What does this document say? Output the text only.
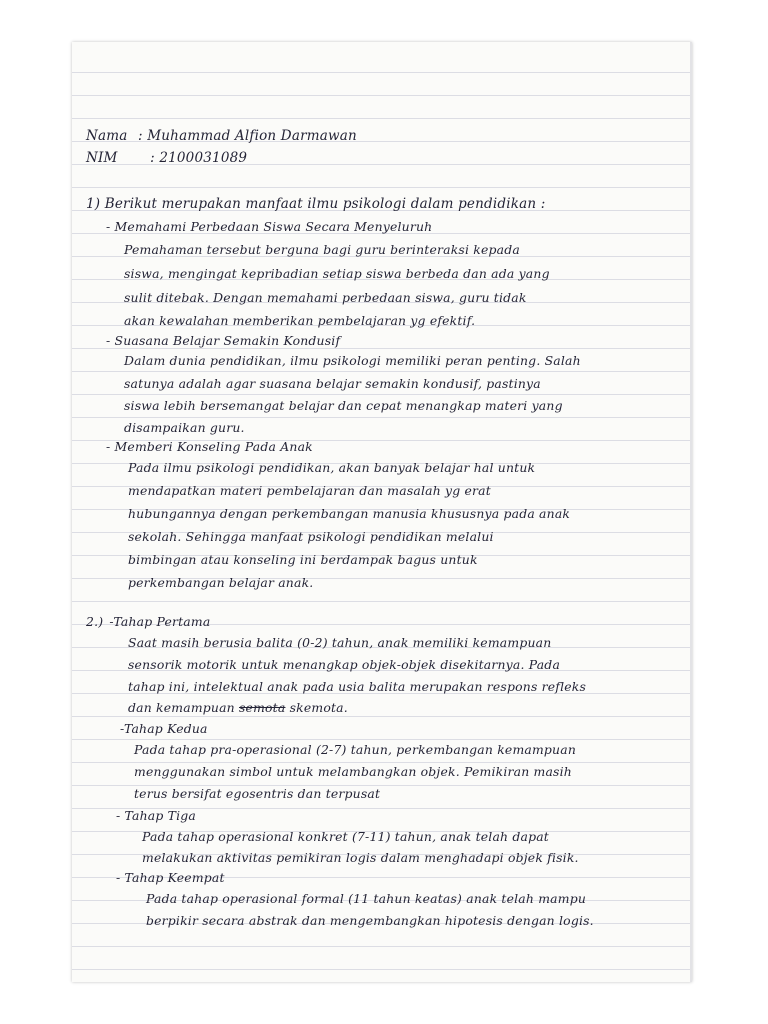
Nama : Muhammad Alfion Darmawan
NIM : 2100031089
1) Berikut merupakan manfaat ilmu psikologi dalam pendidikan :
- Memahami Perbedaan Siswa Secara Menyeluruh
Pemahaman tersebut berguna bagi guru berinteraksi kepada
siswa, mengingat kepribadian setiap siswa berbeda dan ada yang
sulit ditebak. Dengan memahami perbedaan siswa, guru tidak
akan kewalahan memberikan pembelajaran yg efektif.
- Suasana Belajar Semakin Kondusif
Dalam dunia pendidikan, ilmu psikologi memiliki peran penting. Salah
satunya adalah agar suasana belajar semakin kondusif, pastinya
siswa lebih bersemangat belajar dan cepat menangkap materi yang
disampaikan guru.
- Memberi Konseling Pada Anak
Pada ilmu psikologi pendidikan, akan banyak belajar hal untuk
mendapatkan materi pembelajaran dan masalah yg erat
hubungannya dengan perkembangan manusia khususnya pada anak
sekolah. Sehingga manfaat psikologi pendidikan melalui
bimbingan atau konseling ini berdampak bagus untuk
perkembangan belajar anak.
2.) -Tahap Pertama
Saat masih berusia balita (0-2) tahun, anak memiliki kemampuan
sensorik motorik untuk menangkap objek-objek disekitarnya. Pada
tahap ini, intelektual anak pada usia balita merupakan respons refleks
dan kemampuan semota skemota.
-Tahap Kedua
Pada tahap pra-operasional (2-7) tahun, perkembangan kemampuan
menggunakan simbol untuk melambangkan objek. Pemikiran masih
terus bersifat egosentris dan terpusat
- Tahap Tiga
Pada tahap operasional konkret (7-11) tahun, anak telah dapat
melakukan aktivitas pemikiran logis dalam menghadapi objek fisik.
- Tahap Keempat
Pada tahap operasional formal (11 tahun keatas) anak telah mampu
berpikir secara abstrak dan mengembangkan hipotesis dengan logis.
